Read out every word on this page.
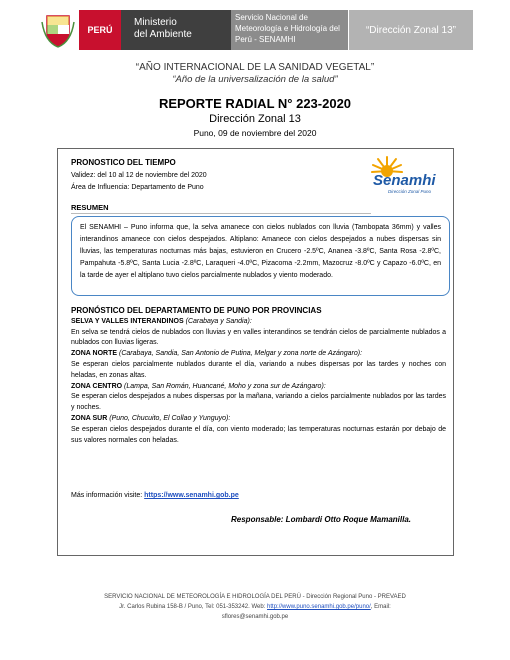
PERÚ
Ministerio
del Ambiente
Servicio Nacional de
Meteorología e Hidrología del
Perú - SENAMHI
“Dirección Zonal 13”
“AÑO INTERNACIONAL DE LA SANIDAD VEGETAL”
“Año de la universalización de la salud”
REPORTE RADIAL N° 223-2020
Dirección Zonal 13
Puno, 09 de noviembre del 2020
PRONOSTICO DEL TIEMPO
Validez: del 10 al 12 de noviembre del 2020
Área de Influencia: Departamento de Puno	Senamhi
Dirección Zonal Puno
RESUMEN
El SENAMHI – Puno informa que, la selva amanece con cielos nublados con lluvia (Tambopata 36mm) y valles interandinos amanece con cielos despejados. Altiplano: Amanece con cielos despejados a nubes dispersas sin lluvias, las temperaturas nocturnas más bajas, estuvieron en Crucero -2.5ºC, Ananea -3.8ºC, Santa Rosa -2.8ºC, Pampahuta -5.8ºC, Santa Lucia -2.8ºC, Laraqueri -4.0ºC, Pizacoma -2.2mm, Mazocruz -8.0ºC y Capazo -6.0ºC, en la tarde de ayer el altiplano tuvo cielos parcialmente nublados y viento moderado.
PRONÓSTICO DEL DEPARTAMENTO DE PUNO POR PROVINCIAS
SELVA Y VALLES INTERANDINOS (Carabaya y Sandia):
En selva se tendrá cielos de nublados con lluvias y en valles interandinos se tendrán cielos de parcialmente nublados a nublados con lluvias ligeras.
ZONA NORTE (Carabaya, Sandia, San Antonio de Putina, Melgar y zona norte de Azángaro):
Se esperan cielos parcialmente nublados durante el día, variando a nubes dispersas por las tardes y noches con heladas, en zonas altas.
ZONA CENTRO (Lampa, San Román, Huancané, Moho y zona sur de Azángaro):
Se esperan cielos despejados a nubes dispersas por la mañana, variando a cielos parcialmente nublados por las tardes y noches.
ZONA SUR (Puno, Chucuito, El Collao y Yunguyo):
Se esperan cielos despejados durante el día, con viento moderado; las temperaturas nocturnas estarán por debajo de sus valores normales con heladas.
Más información visite: https://www.senamhi.gob.pe
Responsable: Lombardi Otto Roque Mamanilla.
SERVICIO NACIONAL DE METEOROLOGÍA E HIDROLOGÍA DEL PERÚ - Dirección Regional Puno - PREVAED
Jr. Carlos Rubina 158-B / Puno, Tel: 051-353242. Web: http://www.puno.senamhi.gob.pe/puno/, Email:
sflores@senamhi.gob.pe
